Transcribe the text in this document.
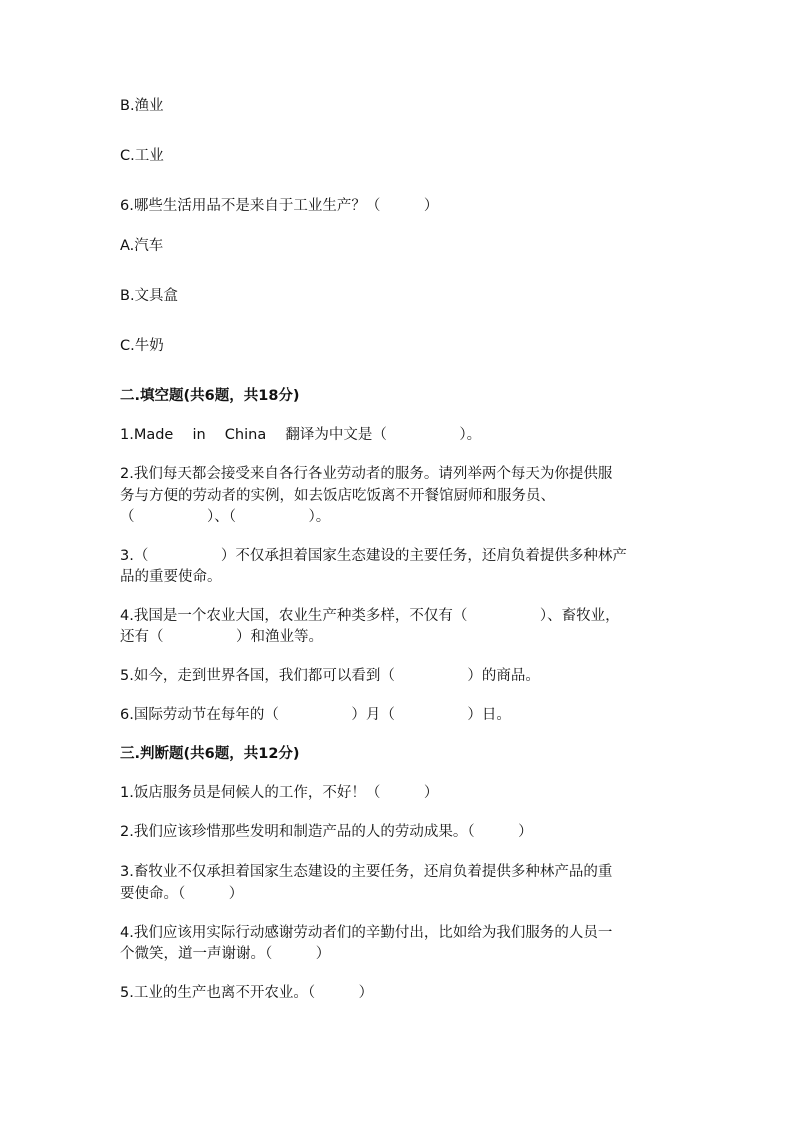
B.渔业

C.工业

6.哪些生活用品不是来自于工业生产？（　　　）

A.汽车

B.文具盒

C.牛奶

二.填空题(共6题，共18分)

1.Made　 in　 China　 翻译为中文是（　　　　　）。

2.我们每天都会接受来自各行各业劳动者的服务。请列举两个每天为你提供服

务与方便的劳动者的实例，如去饭店吃饭离不开餐馆厨师和服务员、

（　　　　　）、（　　　　　）。

3.（　　　　　）不仅承担着国家生态建设的主要任务，还肩负着提供多种林产

品的重要使命。

4.我国是一个农业大国，农业生产种类多样，不仅有（　　　　　）、畜牧业，

还有（　　　　　）和渔业等。

5.如今，走到世界各国，我们都可以看到（　　　　　）的商品。

6.国际劳动节在每年的（　　　　　）月（　　　　　）日。

三.判断题(共6题，共12分)

1.饭店服务员是伺候人的工作，不好！（　　　）

2.我们应该珍惜那些发明和制造产品的人的劳动成果。（　　　）

3.畜牧业不仅承担着国家生态建设的主要任务，还肩负着提供多种林产品的重

要使命。（　　　）

4.我们应该用实际行动感谢劳动者们的辛勤付出，比如给为我们服务的人员一

个微笑，道一声谢谢。（　　　）

5.工业的生产也离不开农业。（　　　）
